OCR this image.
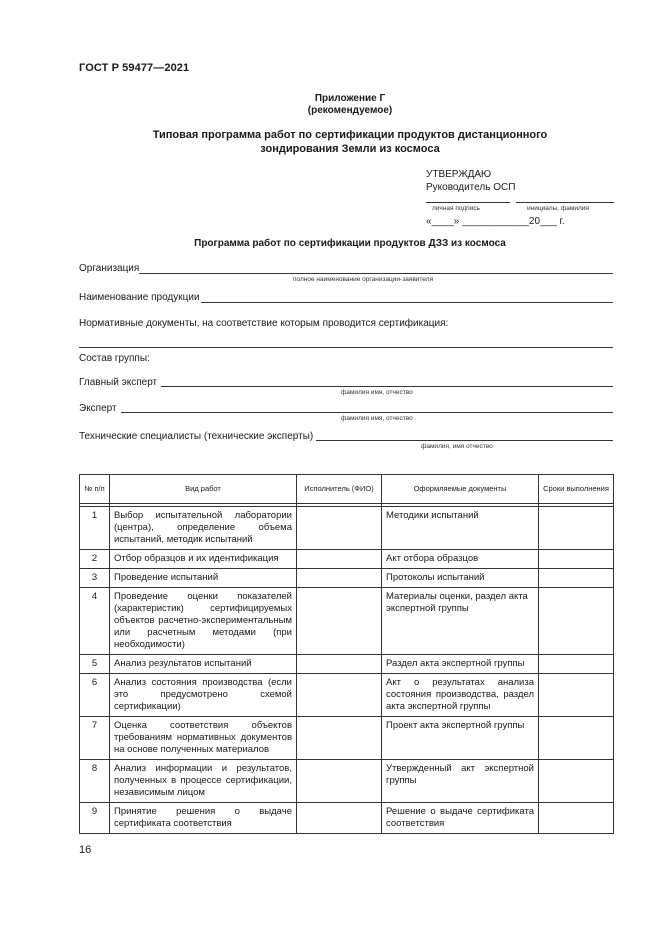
ГОСТ Р 59477—2021
Приложение Г
(рекомендуемое)
Типовая программа работ по сертификации продуктов дистанционного
зондирования Земли из космоса
УТВЕРЖДАЮ
Руководитель ОСП
личная подпись	инициалы, фамилия
«____» ____________20___ г.
Программа работ по сертификации продуктов ДЗЗ из космоса
Организация
полное наименование организации-заявителя
Наименование продукции
Нормативные документы, на соответствие которым проводится сертификация:
Состав группы:
Главный эксперт
фамилия имя, отчество
Эксперт
фамилия имя, отчество
Технические специалисты (технические эксперты)
фамилия, имя отчество
№ п/п	Вид работ	Исполнитель (ФИО)	Оформляемые документы	Сроки выполнения

1	Выбор испытательной лаборатории (центра), определение объема испытаний, методик испытаний		Методики испытаний	
2	Отбор образцов и их идентификация		Акт отбора образцов	
3	Проведение испытаний		Протоколы испытаний	
4	Проведение оценки показателей (характеристик) сертифицируемых объектов расчетно-экспериментальным или расчетным методами (при необходимости)		Материалы оценки, раздел акта экспертной группы	
5	Анализ результатов испытаний		Раздел акта экспертной группы	
6	Анализ состояния производства (если это предусмотрено схемой сертификации)		Акт о результатах анализа состояния производства, раздел акта экспертной группы	
7	Оценка соответствия объектов требованиям нормативных документов на основе полученных материалов		Проект акта экспертной группы	
8	Анализ информации и результатов, полученных в процессе сертификации, независимым лицом		Утвержденный акт экспертной группы	
9	Принятие решения о выдаче сертификата соответствия		Решение о выдаче сертификата соответствия	
16
